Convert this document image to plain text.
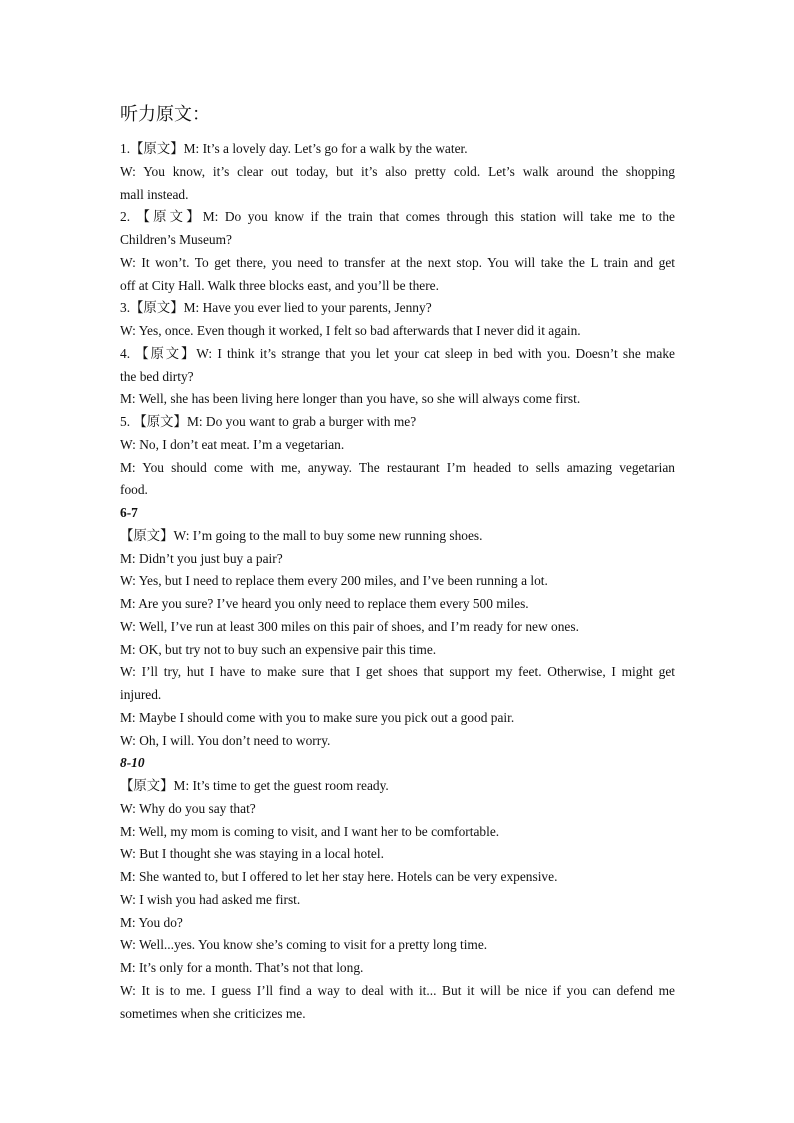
听力原文：
1.【原文】M: It’s a lovely day. Let’s go for a walk by the water.
W: You know, it’s clear out today, but it’s also pretty cold. Let’s walk around the shopping
mall instead.
2. 【原文】M: Do you know if the train that comes through this station will take me to the
Children’s Museum?
W: It won’t. To get there, you need to transfer at the next stop. You will take the L train and get
off at City Hall. Walk three blocks east, and you’ll be there.
3.【原文】M: Have you ever lied to your parents, Jenny?
W: Yes, once. Even though it worked, I felt so bad afterwards that I never did it again.
4. 【原文】W: I think it’s strange that you let your cat sleep in bed with you. Doesn’t she make
the bed dirty?
M: Well, she has been living here longer than you have, so she will always come first.
5. 【原文】M: Do you want to grab a burger with me?
W: No, I don’t eat meat. I’m a vegetarian.
M: You should come with me, anyway. The restaurant I’m headed to sells amazing vegetarian
food.
6-7
【原文】W: I’m going to the mall to buy some new running shoes.
M: Didn’t you just buy a pair?
W: Yes, but I need to replace them every 200 miles, and I’ve been running a lot.
M: Are you sure? I’ve heard you only need to replace them every 500 miles.
W: Well, I’ve run at least 300 miles on this pair of shoes, and I’m ready for new ones.
M: OK, but try not to buy such an expensive pair this time.
W: I’ll try, hut I have to make sure that I get shoes that support my feet. Otherwise, I might get
injured.
M: Maybe I should come with you to make sure you pick out a good pair.
W: Oh, I will. You don’t need to worry.
8-10
【原文】M: It’s time to get the guest room ready.
W: Why do you say that?
M: Well, my mom is coming to visit, and I want her to be comfortable.
W: But I thought she was staying in a local hotel.
M: She wanted to, but I offered to let her stay here. Hotels can be very expensive.
W: I wish you had asked me first.
M: You do?
W: Well...yes. You know she’s coming to visit for a pretty long time.
M: It’s only for a month. That’s not that long.
W: It is to me. I guess I’ll find a way to deal with it... But it will be nice if you can defend me
sometimes when she criticizes me.
